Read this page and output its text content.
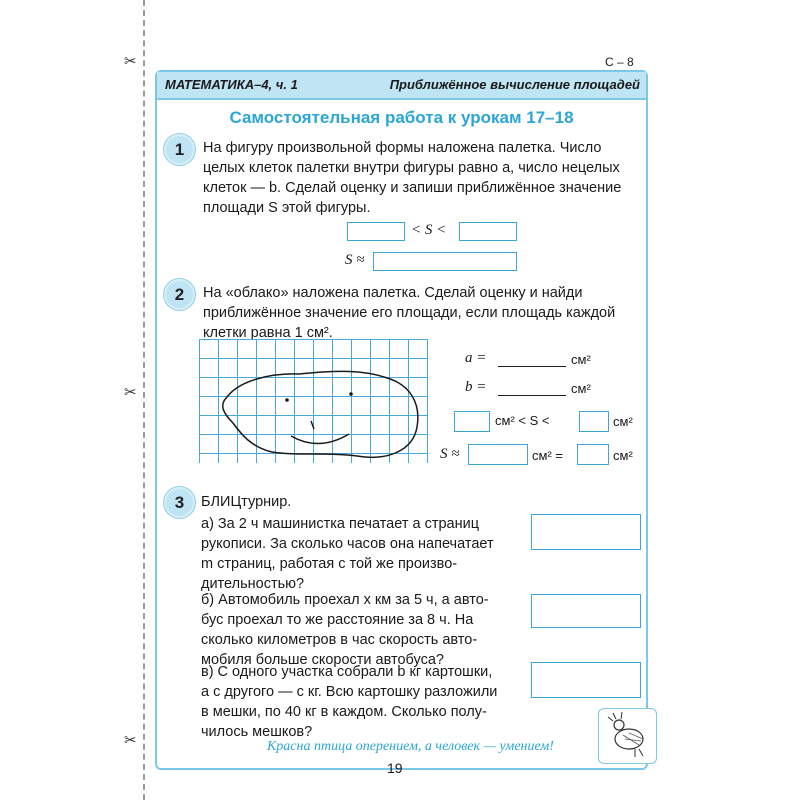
✂
✂
✂
С – 8
МАТЕМАТИКА–4, ч. 1	Приближённое вычисление площадей
Самостоятельная работа к урокам 17–18
1	На фигуру произвольной формы наложена палетка. Число
целых клеток палетки внутри фигуры равно a, число нецелых
клеток — b. Сделай оценку и запиши приближённое значение
площади S этой фигуры.
< S <
S ≈
2	На «облако» наложена палетка. Сделай оценку и найди
приближённое значение его площади, если площадь каждой
клетки равна 1 см².
a =	см²
b =	см²
см² < S <	см²
S ≈	см² =	см²
3	БЛИЦтурнир.
а) За 2 ч машинистка печатает a страниц
рукописи. За сколько часов она напечатает
m страниц, работая с той же произво-
дительностью?
б) Автомобиль проехал x км за 5 ч, а авто-
бус проехал то же расстояние за 8 ч. На
сколько километров в час скорость авто-
мобиля больше скорости автобуса?
в) С одного участка собрали b кг картошки,
а с другого — c кг. Всю картошку разложили
в мешки, по 40 кг в каждом. Сколько полу-
чилось мешков?
Красна птица оперением, а человек — умением!
19
